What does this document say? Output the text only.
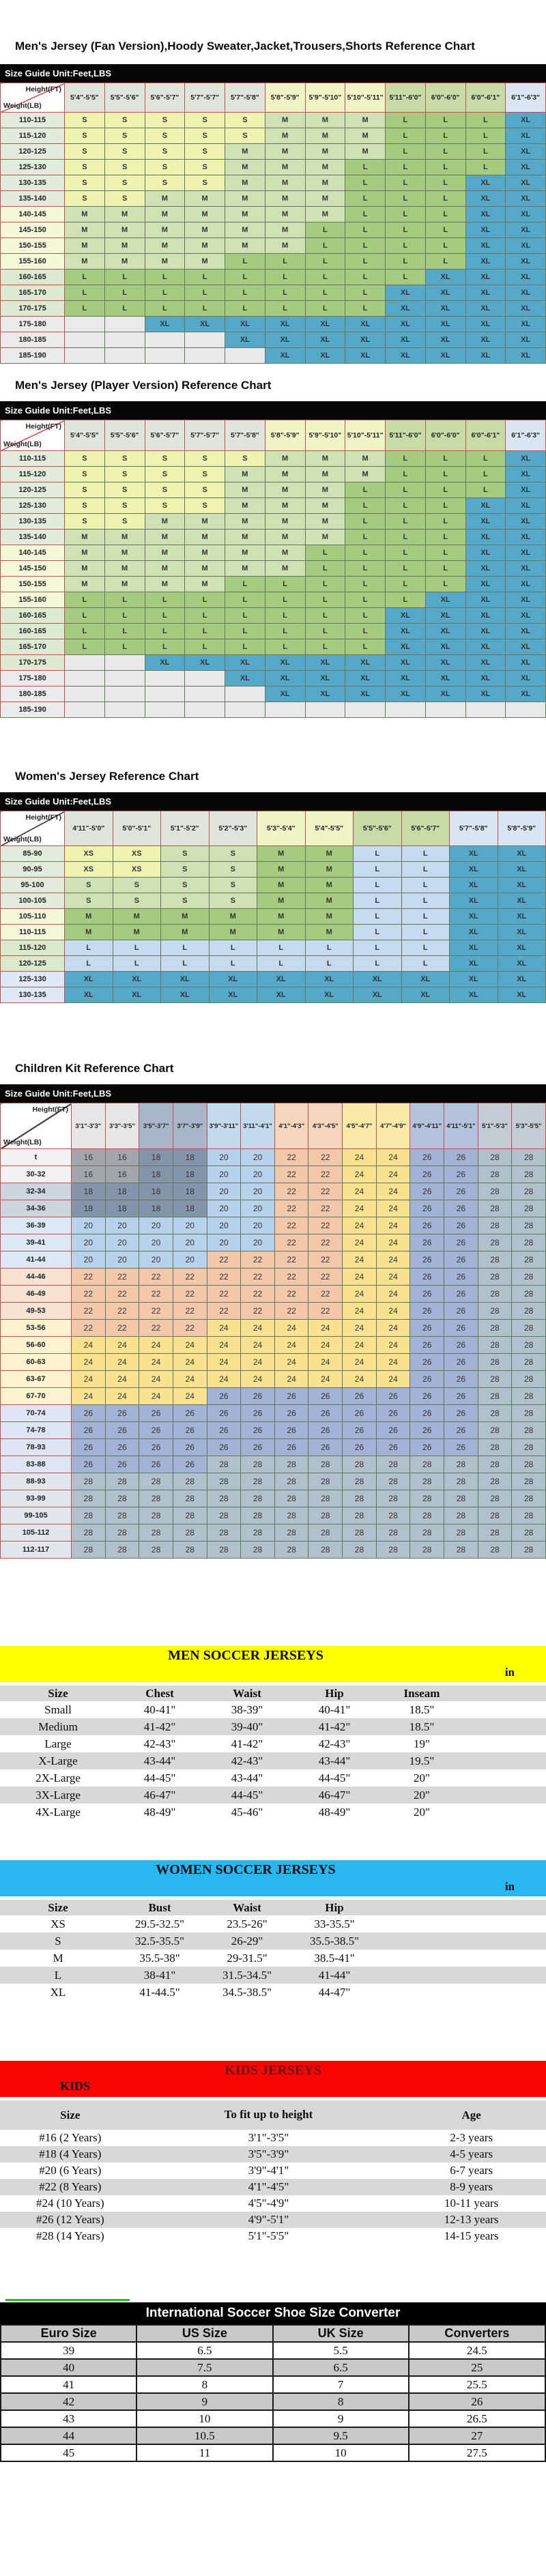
Men's Jersey (Fan Version),Hoody Sweater,Jacket,Trousers,Shorts Reference Chart
Size Guide Unit:Feet,LBS
Height(FT)
Weight(LB)	5'4"-5'5"	5'5"-5'6"	5'6"-5'7"	5'7"-5'7"	5'7"-5'8"	5'8"-5'9"	5'9"-5'10"	5'10"-5'11"	5'11"-6'0"	6'0"-6'0"	6'0"-6'1"	6'1"-6'3"
110-115	S	S	S	S	S	M	M	M	L	L	L	XL
115-120	S	S	S	S	S	M	M	M	L	L	L	XL
120-125	S	S	S	S	M	M	M	M	L	L	L	XL
125-130	S	S	S	S	M	M	M	L	L	L	L	XL
130-135	S	S	S	S	M	M	M	L	L	L	XL	XL
135-140	S	S	M	M	M	M	M	L	L	L	XL	XL
140-145	M	M	M	M	M	M	M	L	L	L	XL	XL
145-150	M	M	M	M	M	M	L	L	L	L	XL	XL
150-155	M	M	M	M	M	M	L	L	L	L	XL	XL
155-160	M	M	M	M	L	L	L	L	L	L	XL	XL
160-165	L	L	L	L	L	L	L	L	L	XL	XL	XL
165-170	L	L	L	L	L	L	L	L	XL	XL	XL	XL
170-175	L	L	L	L	L	L	L	L	XL	XL	XL	XL
175-180			XL	XL	XL	XL	XL	XL	XL	XL	XL	XL
180-185					XL	XL	XL	XL	XL	XL	XL	XL
185-190						XL	XL	XL	XL	XL	XL	XL
Men's Jersey (Player Version) Reference Chart
Size Guide Unit:Feet,LBS
Height(FT)
Weight(LB)	5'4"-5'5"	5'5"-5'6"	5'6"-5'7"	5'7"-5'7"	5'7"-5'8"	5'8"-5'9"	5'9"-5'10"	5'10"-5'11"	5'11"-6'0"	6'0"-6'0"	6'0"-6'1"	6'1"-6'3"
110-115	S	S	S	S	S	M	M	M	L	L	L	XL
115-120	S	S	S	S	M	M	M	M	L	L	L	XL
120-125	S	S	S	S	M	M	M	L	L	L	L	XL
125-130	S	S	S	S	M	M	M	L	L	L	XL	XL
130-135	S	S	M	M	M	M	M	L	L	L	XL	XL
135-140	M	M	M	M	M	M	M	L	L	L	XL	XL
140-145	M	M	M	M	M	M	L	L	L	L	XL	XL
145-150	M	M	M	M	M	M	L	L	L	L	XL	XL
150-155	M	M	M	M	L	L	L	L	L	L	XL	XL
155-160	L	L	L	L	L	L	L	L	L	XL	XL	XL
160-165	L	L	L	L	L	L	L	L	XL	XL	XL	XL
160-165	L	L	L	L	L	L	L	L	XL	XL	XL	XL
165-170	L	L	L	L	L	L	L	L	XL	XL	XL	XL
170-175			XL	XL	XL	XL	XL	XL	XL	XL	XL	XL
175-180					XL	XL	XL	XL	XL	XL	XL	XL
180-185						XL	XL	XL	XL	XL	XL	XL
185-190												
Women's Jersey Reference Chart
Size Guide Unit:Feet,LBS
Height(FT)
Weight(LB)	4'11"-5'0"	5'0"-5'1"	5'1"-5'2"	5'2"-5'3"	5'3"-5'4"	5'4"-5'5"	5'5"-5'6"	5'6"-5'7"	5'7"-5'8"	5'8"-5'9"
85-90	XS	XS	S	S	M	M	L	L	XL	XL
90-95	XS	XS	S	S	M	M	L	L	XL	XL
95-100	S	S	S	S	M	M	L	L	XL	XL
100-105	S	S	S	S	M	M	L	L	XL	XL
105-110	M	M	M	M	M	M	L	L	XL	XL
110-115	M	M	M	M	M	M	L	L	XL	XL
115-120	L	L	L	L	L	L	L	L	XL	XL
120-125	L	L	L	L	L	L	L	L	XL	XL
125-130	XL	XL	XL	XL	XL	XL	XL	XL	XL	XL
130-135	XL	XL	XL	XL	XL	XL	XL	XL	XL	XL
Children Kit Reference Chart
Size Guide Unit:Feet,LBS
Height(FT)
Weight(LB)	3'1"-3'3"	3'3"-3'5"	3'5"-3'7"	3'7"-3'9"	3'9"-3'11"	3'11"-4'1"	4'1"-4'3"	4'3"-4'5"	4'5"-4'7"	4'7"-4'9"	4'9"-4'11"	4'11"-5'1"	5'1"-5'3"	5'3"-5'5"
t	16	16	18	18	20	20	22	22	24	24	26	26	28	28
30-32	16	16	18	18	20	20	22	22	24	24	26	26	28	28
32-34	18	18	18	18	20	20	22	22	24	24	26	26	28	28
34-36	18	18	18	18	20	20	22	22	24	24	26	26	28	28
36-39	20	20	20	20	20	20	22	22	24	24	26	26	28	28
39-41	20	20	20	20	20	20	22	22	24	24	26	26	28	28
41-44	20	20	20	20	22	22	22	22	24	24	26	26	28	28
44-46	22	22	22	22	22	22	22	22	24	24	26	26	28	28
46-49	22	22	22	22	22	22	22	22	24	24	26	26	28	28
49-53	22	22	22	22	22	22	22	22	24	24	26	26	28	28
53-56	22	22	22	22	24	24	24	24	24	24	26	26	28	28
56-60	24	24	24	24	24	24	24	24	24	24	26	26	28	28
60-63	24	24	24	24	24	24	24	24	24	24	26	26	28	28
63-67	24	24	24	24	24	24	24	24	24	24	26	26	28	28
67-70	24	24	24	24	26	26	26	26	26	26	26	26	28	28
70-74	26	26	26	26	26	26	26	26	26	26	26	26	28	28
74-78	26	26	26	26	26	26	26	26	26	26	26	26	28	28
78-93	26	26	26	26	26	26	26	26	26	26	26	26	28	28
83-88	26	26	26	26	28	28	28	28	28	28	28	28	28	28
88-93	28	28	28	28	28	28	28	28	28	28	28	28	28	28
93-99	28	28	28	28	28	28	28	28	28	28	28	28	28	28
99-105	28	28	28	28	28	28	28	28	28	28	28	28	28	28
105-112	28	28	28	28	28	28	28	28	28	28	28	28	28	28
112-117	28	28	28	28	28	28	28	28	28	28	28	28	28	28
MEN SOCCER JERSEYS
in
Size	Chest	Waist	Hip	Inseam	
Small	40-41"	38-39"	40-41"	18.5"	
Medium	41-42"	39-40"	41-42"	18.5"	
Large	42-43"	41-42"	42-43"	19"	
X-Large	43-44"	42-43"	43-44"	19.5"	
2X-Large	44-45"	43-44"	44-45"	20"	
3X-Large	46-47"	44-45"	46-47"	20"	
4X-Large	48-49"	45-46"	48-49"	20"	
WOMEN SOCCER JERSEYS
in
Size	Bust	Waist	Hip	
XS	29.5-32.5"	23.5-26"	33-35.5"	
S	32.5-35.5"	26-29"	35.5-38.5"	
M	35.5-38"	29-31.5"	38.5-41"	
L	38-41"	31.5-34.5"	41-44"	
XL	41-44.5"	34.5-38.5"	44-47"	
KIDS JERSEYS
KIDS
Size	To fit up to height	Age	
#16 (2 Years)	3'1"-3'5"	2-3 years	
#18 (4 Years)	3'5"-3'9"	4-5 years	
#20 (6 Years)	3'9"-4'1"	6-7 years	
#22 (8 Years)	4'1"-4'5"	8-9 years	
#24 (10 Years)	4'5"-4'9"	10-11 years	
#26 (12 Years)	4'9"-5'1"	12-13 years	
#28 (14 Years)	5'1"-5'5"	14-15 years	
International Soccer Shoe Size Converter
Euro Size	US Size	UK Size	Converters
39	6.5	5.5	24.5
40	7.5	6.5	25
41	8	7	25.5
42	9	8	26
43	10	9	26.5
44	10.5	9.5	27
45	11	10	27.5
